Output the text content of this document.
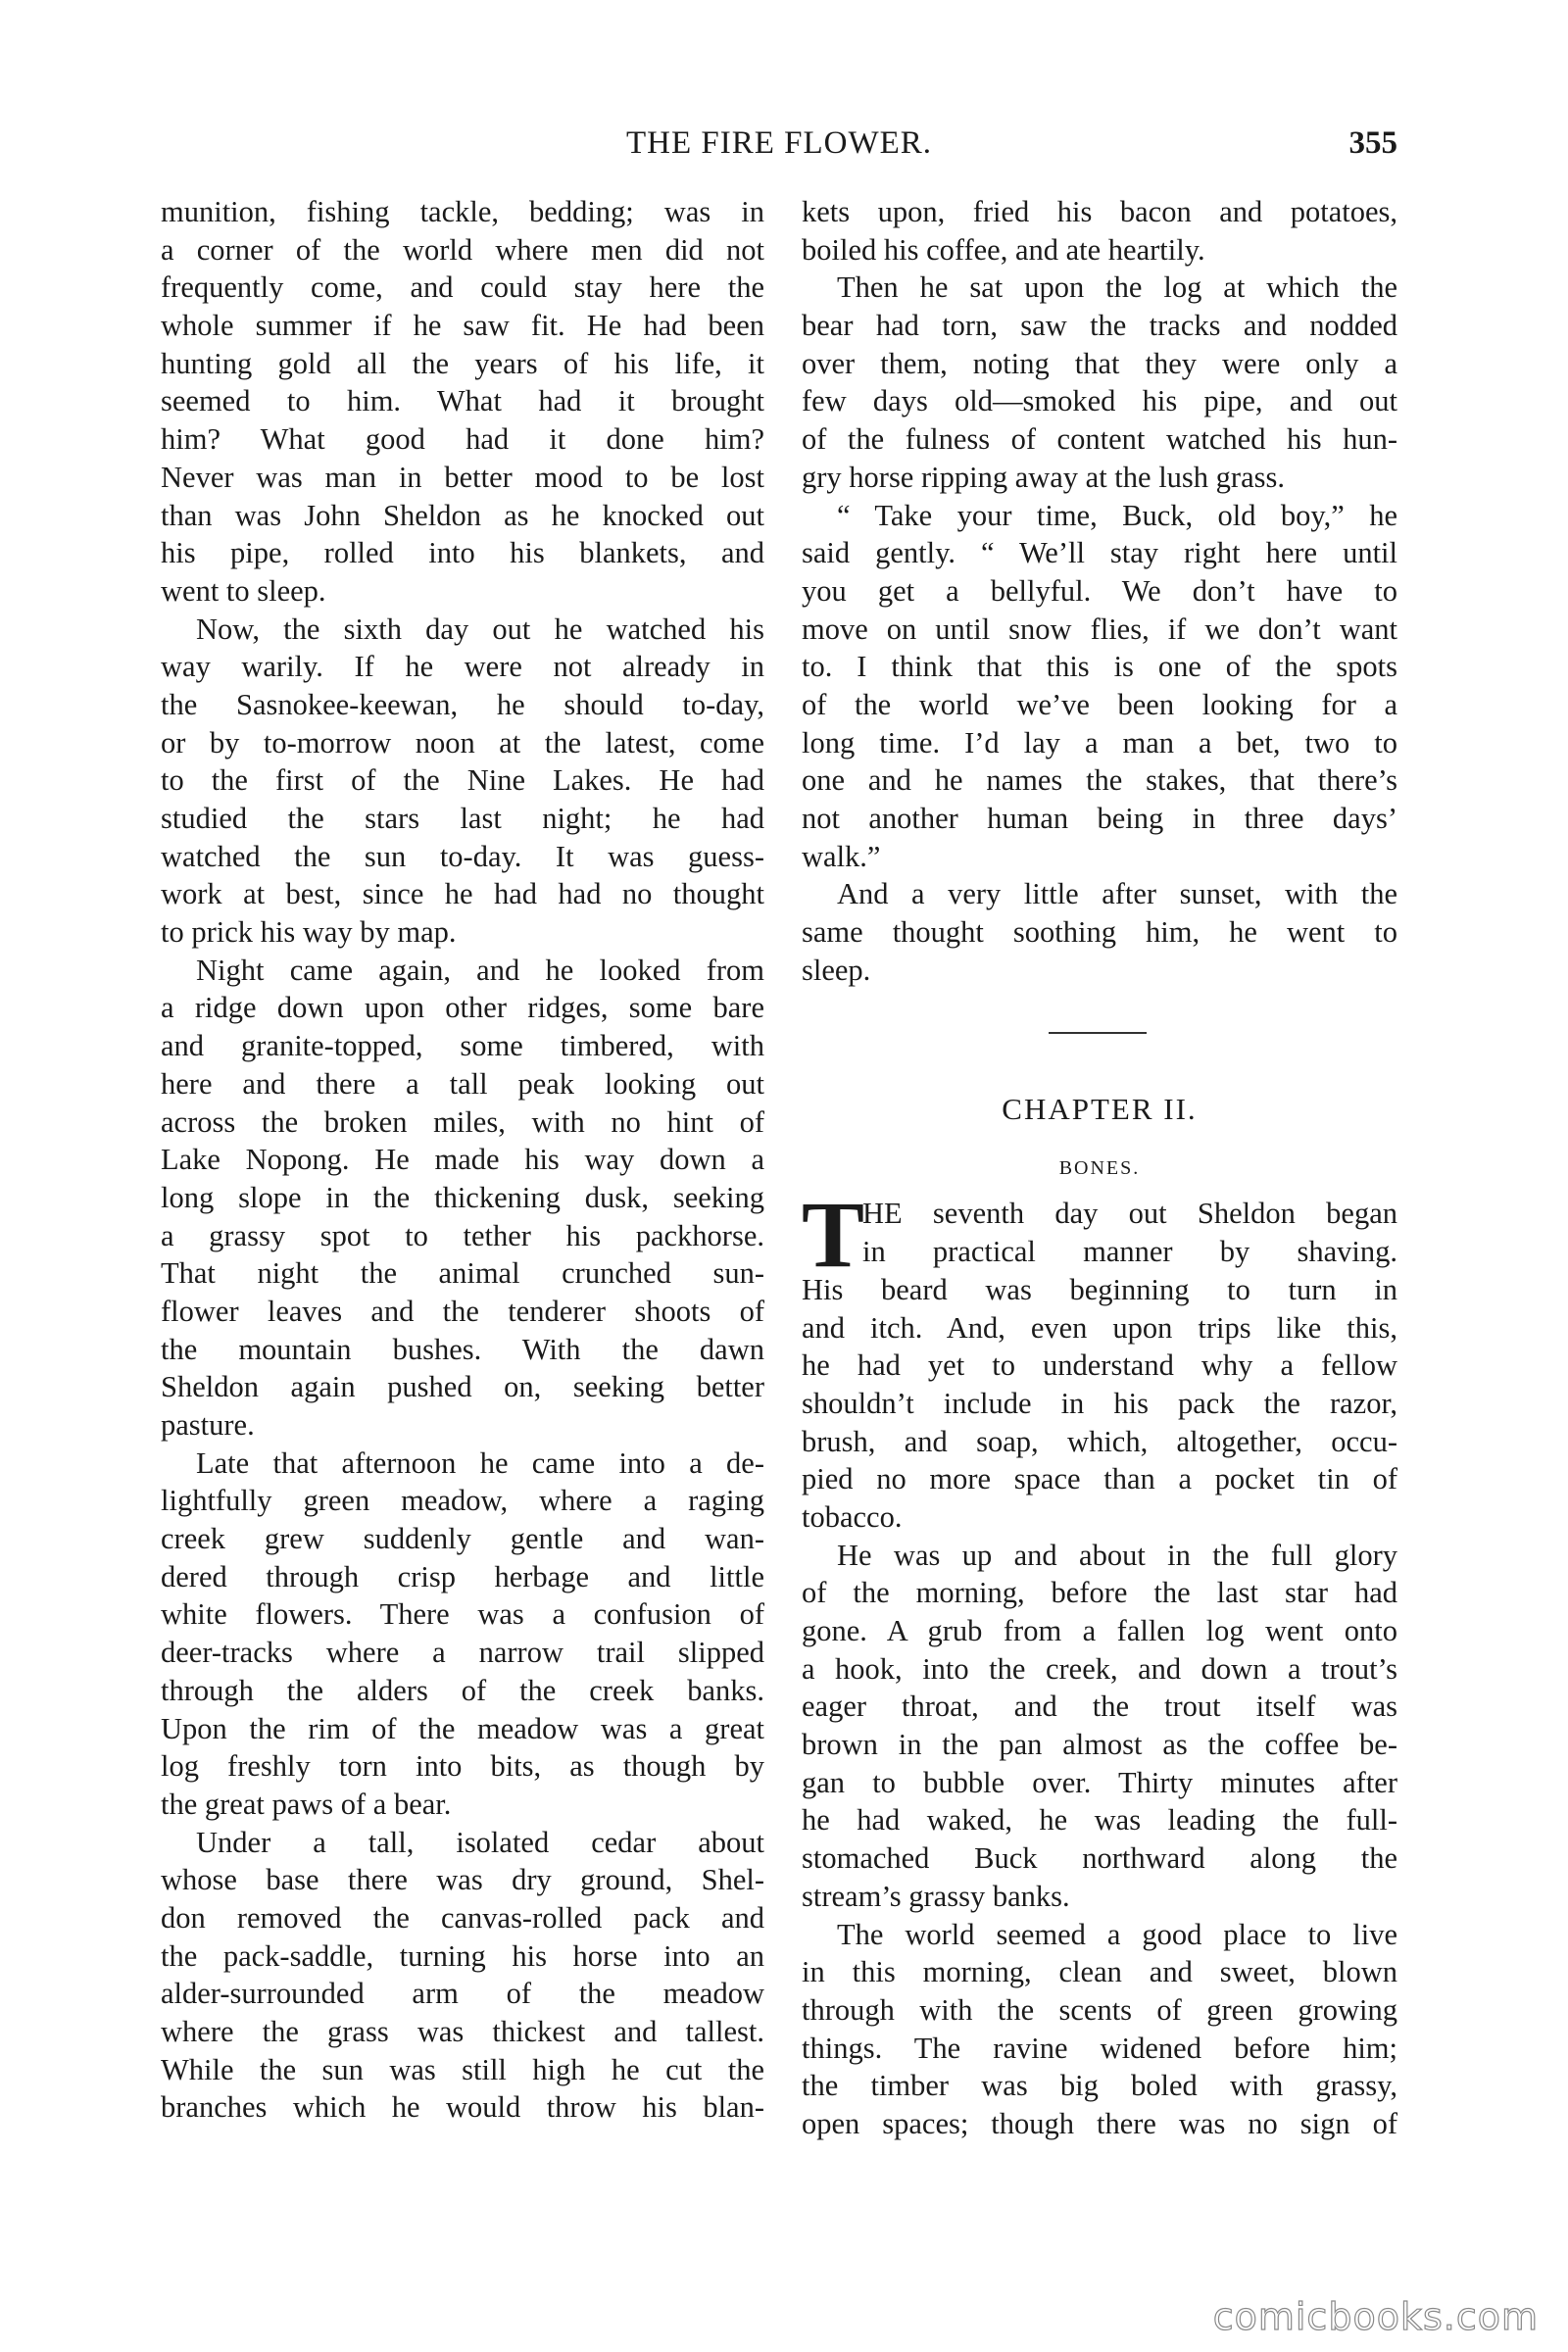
THE FIRE FLOWER.	355
munition, fishing tackle, bedding; was in
a corner of the world where men did not
frequently come, and could stay here the
whole summer if he saw fit. He had been
hunting gold all the years of his life, it
seemed to him. What had it brought
him? What good had it done him?
Never was man in better mood to be lost
than was John Sheldon as he knocked out
his pipe, rolled into his blankets, and
went to sleep.
Now, the sixth day out he watched his
way warily. If he were not already in
the Sasnokee-keewan, he should to-day,
or by to-morrow noon at the latest, come
to the first of the Nine Lakes. He had
studied the stars last night; he had
watched the sun to-day. It was guess-
work at best, since he had had no thought
to prick his way by map.
Night came again, and he looked from
a ridge down upon other ridges, some bare
and granite-topped, some timbered, with
here and there a tall peak looking out
across the broken miles, with no hint of
Lake Nopong. He made his way down a
long slope in the thickening dusk, seeking
a grassy spot to tether his packhorse.
That night the animal crunched sun-
flower leaves and the tenderer shoots of
the mountain bushes. With the dawn
Sheldon again pushed on, seeking better
pasture.
Late that afternoon he came into a de-
lightfully green meadow, where a raging
creek grew suddenly gentle and wan-
dered through crisp herbage and little
white flowers. There was a confusion of
deer-tracks where a narrow trail slipped
through the alders of the creek banks.
Upon the rim of the meadow was a great
log freshly torn into bits, as though by
the great paws of a bear.
Under a tall, isolated cedar about
whose base there was dry ground, Shel-
don removed the canvas-rolled pack and
the pack-saddle, turning his horse into an
alder-surrounded arm of the meadow
where the grass was thickest and tallest.
While the sun was still high he cut the
branches which he would throw his blan-
kets upon, fried his bacon and potatoes,
boiled his coffee, and ate heartily.
Then he sat upon the log at which the
bear had torn, saw the tracks and nodded
over them, noting that they were only a
few days old—smoked his pipe, and out
of the fulness of content watched his hun-
gry horse ripping away at the lush grass.
“ Take your time, Buck, old boy,” he
said gently. “ We’ll stay right here until
you get a bellyful. We don’t have to
move on until snow flies, if we don’t want
to. I think that this is one of the spots
of the world we’ve been looking for a
long time. I’d lay a man a bet, two to
one and he names the stakes, that there’s
not another human being in three days’
walk.”
And a very little after sunset, with the
same thought soothing him, he went to
sleep.
CHAPTER II.
BONES.
T
HE seventh day out Sheldon began
in practical manner by shaving.
His beard was beginning to turn in
and itch. And, even upon trips like this,
he had yet to understand why a fellow
shouldn’t include in his pack the razor,
brush, and soap, which, altogether, occu-
pied no more space than a pocket tin of
tobacco.
He was up and about in the full glory
of the morning, before the last star had
gone. A grub from a fallen log went onto
a hook, into the creek, and down a trout’s
eager throat, and the trout itself was
brown in the pan almost as the coffee be-
gan to bubble over. Thirty minutes after
he had waked, he was leading the full-
stomached Buck northward along the
stream’s grassy banks.
The world seemed a good place to live
in this morning, clean and sweet, blown
through with the scents of green growing
things. The ravine widened before him;
the timber was big boled with grassy,
open spaces; though there was no sign of
comicbooks.com
